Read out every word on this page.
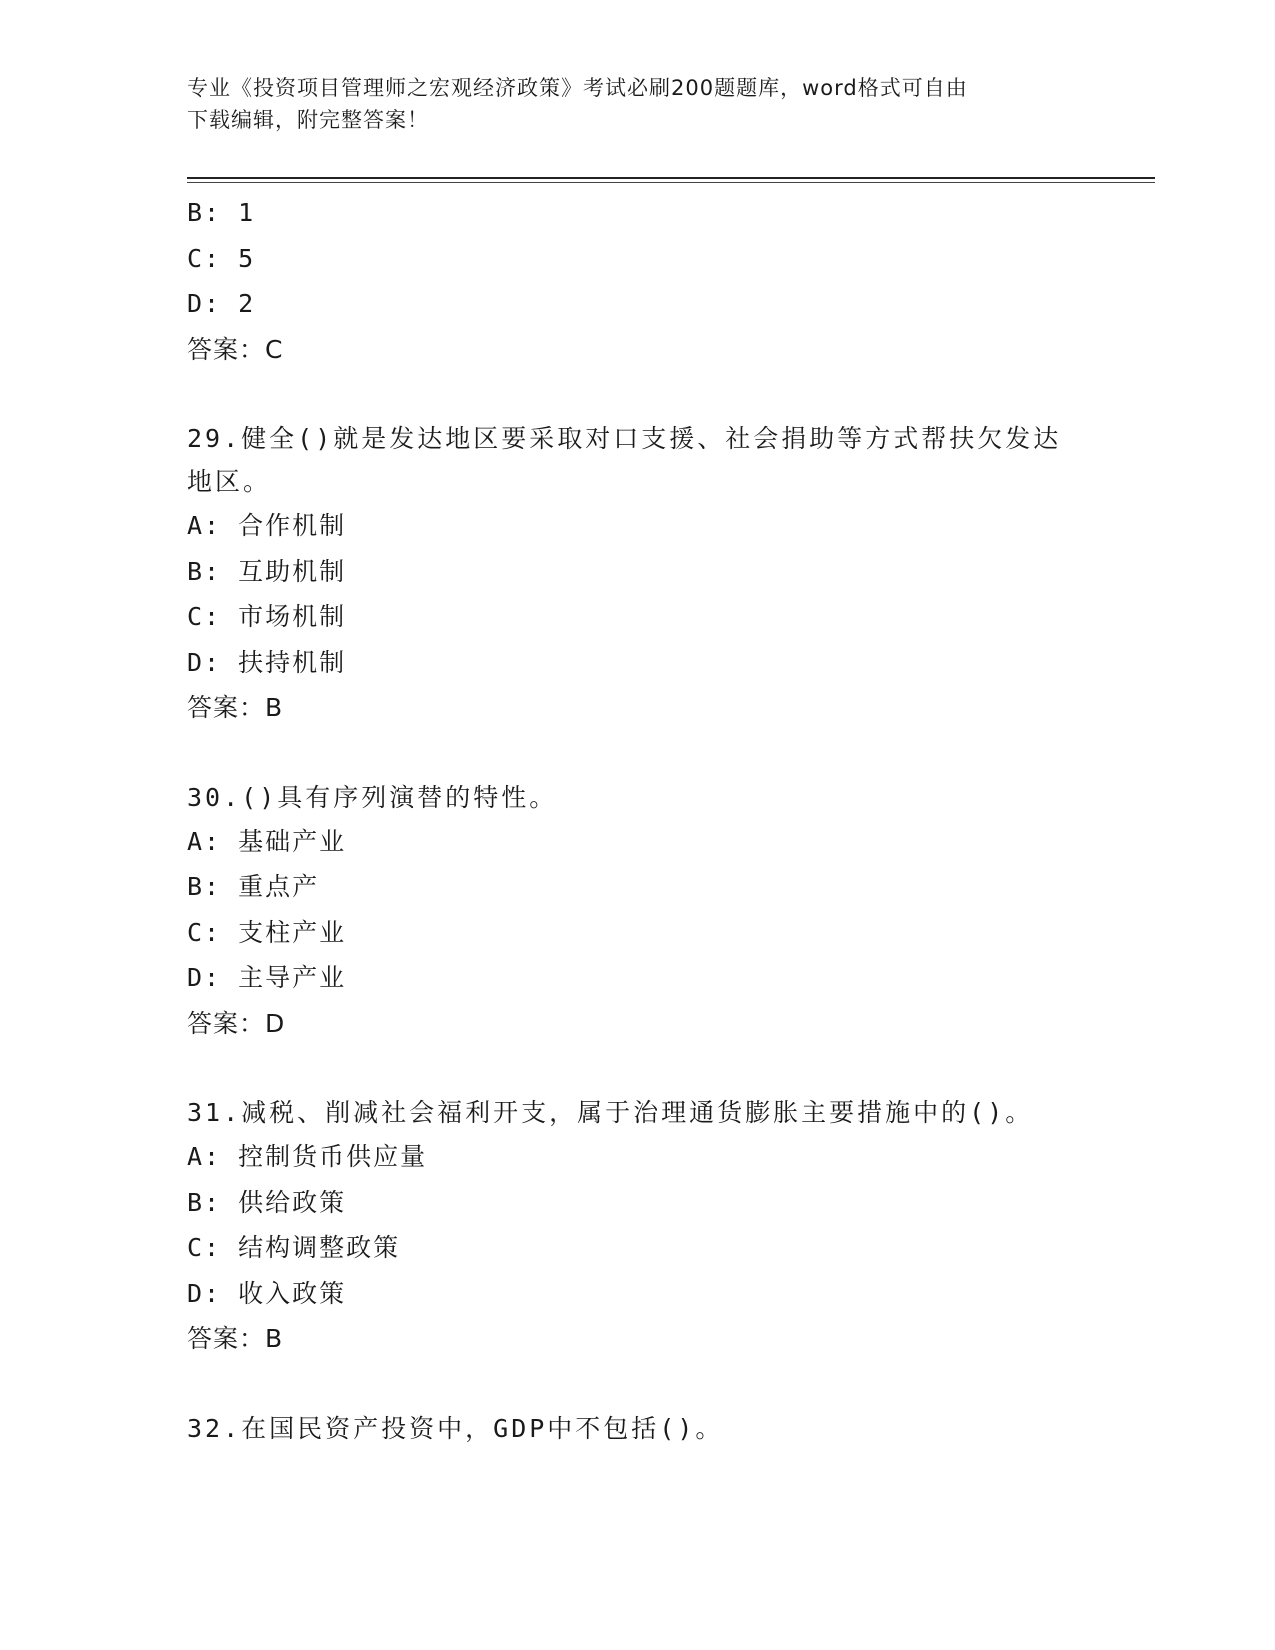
专业《投资项目管理师之宏观经济政策》考试必刷200题题库，word格式可自由
下载编辑，附完整答案！
B: 1
C: 5
D: 2
答案：C
29.健全()就是发达地区要采取对口支援、社会捐助等方式帮扶欠发达地区。
A: 合作机制
B: 互助机制
C: 市场机制
D: 扶持机制
答案：B
30.()具有序列演替的特性。
A: 基础产业
B: 重点产
C: 支柱产业
D: 主导产业
答案：D
31.减税、削减社会福利开支，属于治理通货膨胀主要措施中的()。
A: 控制货币供应量
B: 供给政策
C: 结构调整政策
D: 收入政策
答案：B
32.在国民资产投资中，GDP中不包括()。
